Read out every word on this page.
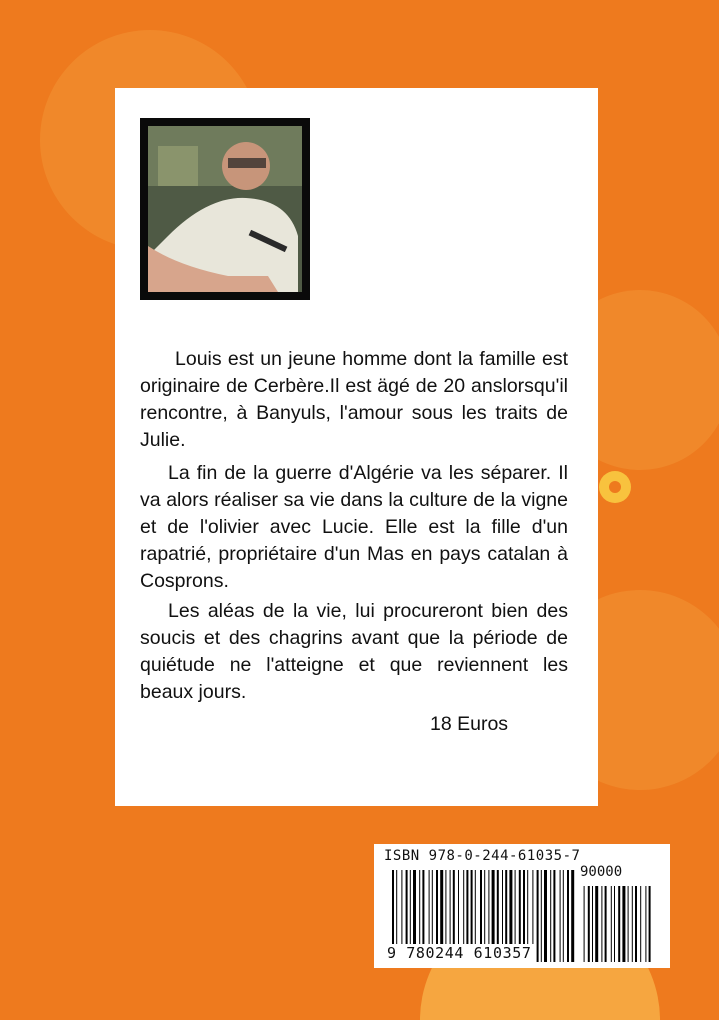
Louis est un jeune homme dont la famille est originaire de Cerbère.Il est ägé de 20 anslorsqu'il rencontre, à Banyuls, l'amour sous les traits de Julie.

La fin de la guerre d'Algérie va les séparer. Il va alors réaliser sa vie dans la culture de la vigne et de l'olivier avec Lucie. Elle est la fille d'un rapatrié, propriétaire d'un Mas en pays catalan à Cosprons.

Les aléas de la vie, lui procureront bien des soucis et des chagrins avant que la période de quiétude ne l'atteigne et que reviennent les beaux jours.

18 Euros
ISBN 978-0-244-61035-7
90000
9 780244 610357
